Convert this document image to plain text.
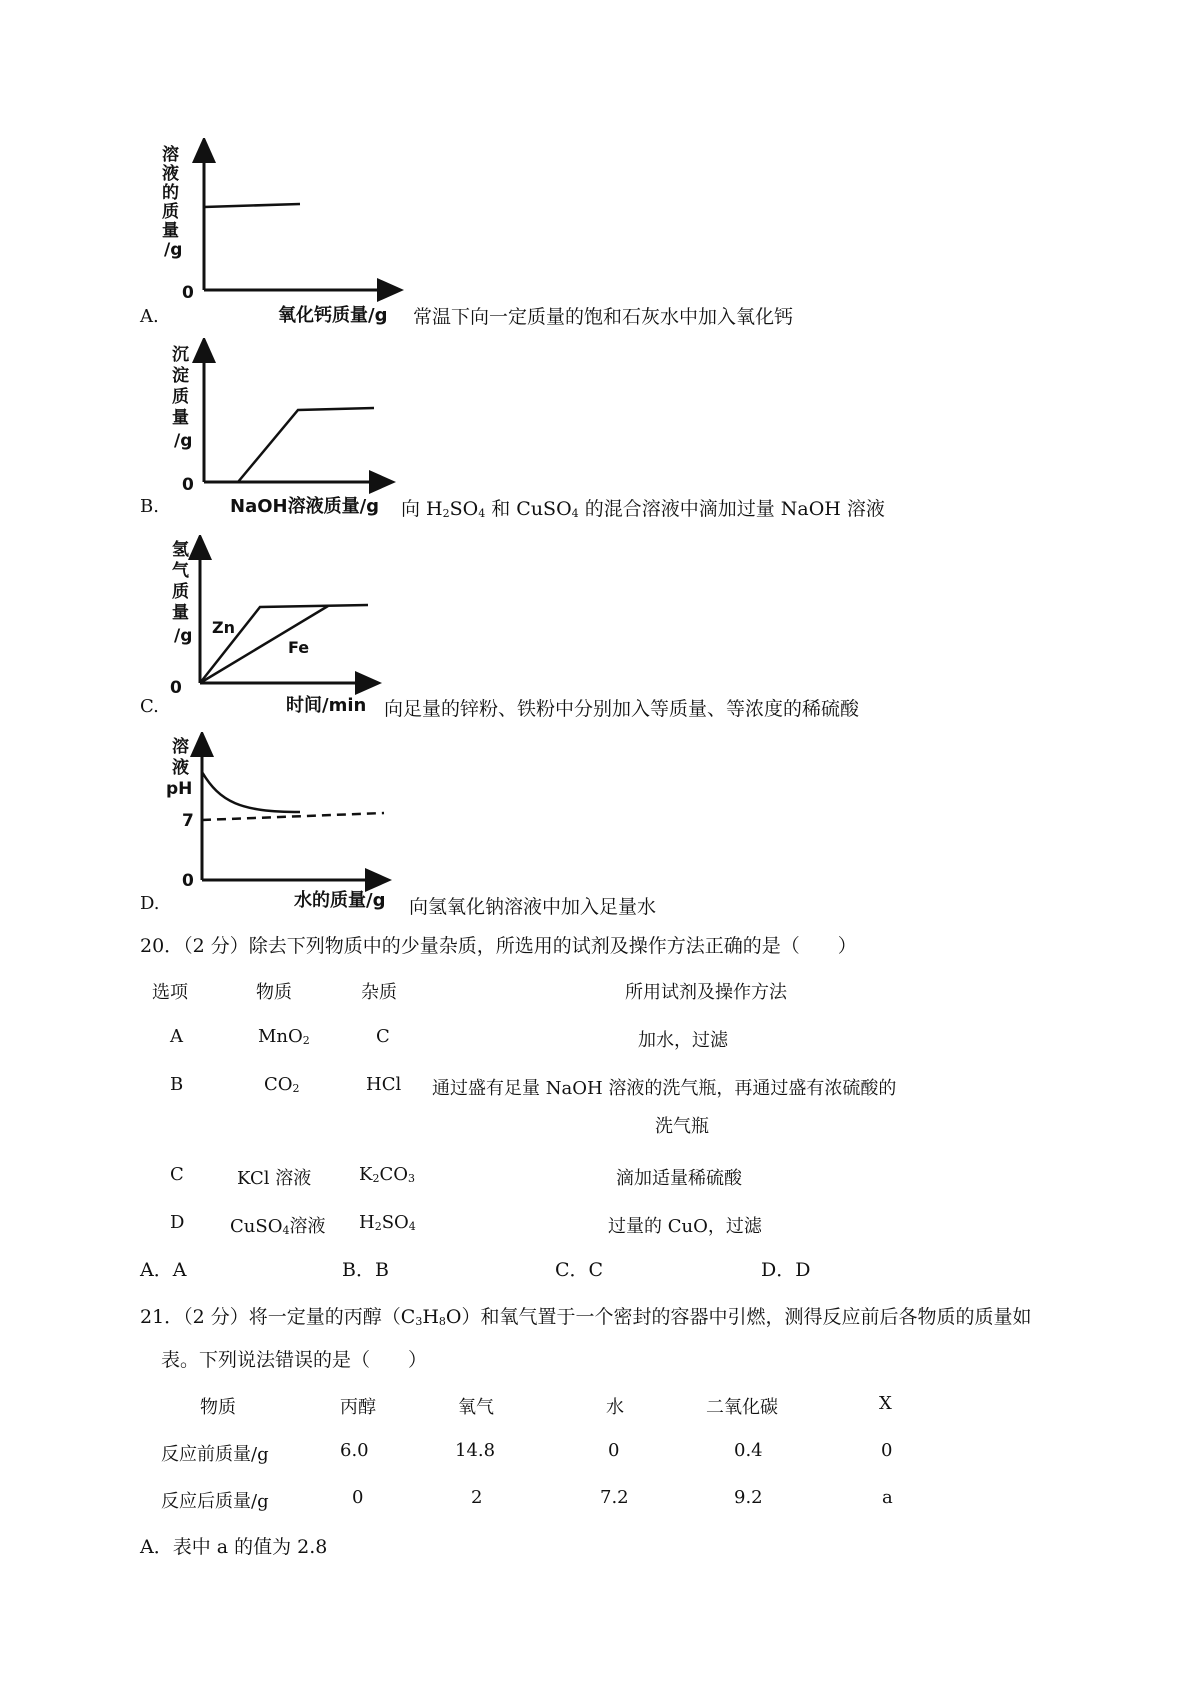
A.
溶
液
的
质
量
/g
0
氧化钙质量/g 常温下向一定质量的饱和石灰水中加入氧化钙
B.
沉
淀
质
量
/g
0
NaOH溶液质量/g 向 $H_2SO_4$ 和 CuSO$_4$ 的混合溶液中滴加过量 NaOH 溶液
C.
氢
气
质
量
/g Zn
Fe
0
时间/min 向足量的锌粉、铁粉中分别加入等质量、等浓度的稀硫酸
D.
溶
液
pH
7
0
水的质量/g 向氢氧化钠溶液中加入足量水
20．（2 分）除去下列物质中的少量杂质，所选用的试剂及操作方法正确的是（　　）
选项	物质	杂质	所用试剂及操作方法
A	MnO$_2$	C	加水，过滤
B	$CO_2$	HCl 通过盛有足量 NaOH 溶液的洗气瓶，再通过盛有浓硫酸的
洗气瓶
C	KCl 溶液	$K_2CO_3$	滴加适量稀硫酸
D	CuSO$_4$溶液 $H_2SO_4$	过量的 CuO，过滤
A．A	B．B	C．C	D．D
21．（2 分）将一定量的丙醇$(C_3H_8O)$和氧气置于一个密封的容器中引燃，测得反应前后各物质的质量如
表。下列说法错误的是（　　）
物质	丙醇	氧气	水	二氧化碳	X
反应前质量/g	6.0	14.8	0	0.4	0
反应后质量/g	0	2	7.2	9.2	a
A．表中 a 的值为 2.8
